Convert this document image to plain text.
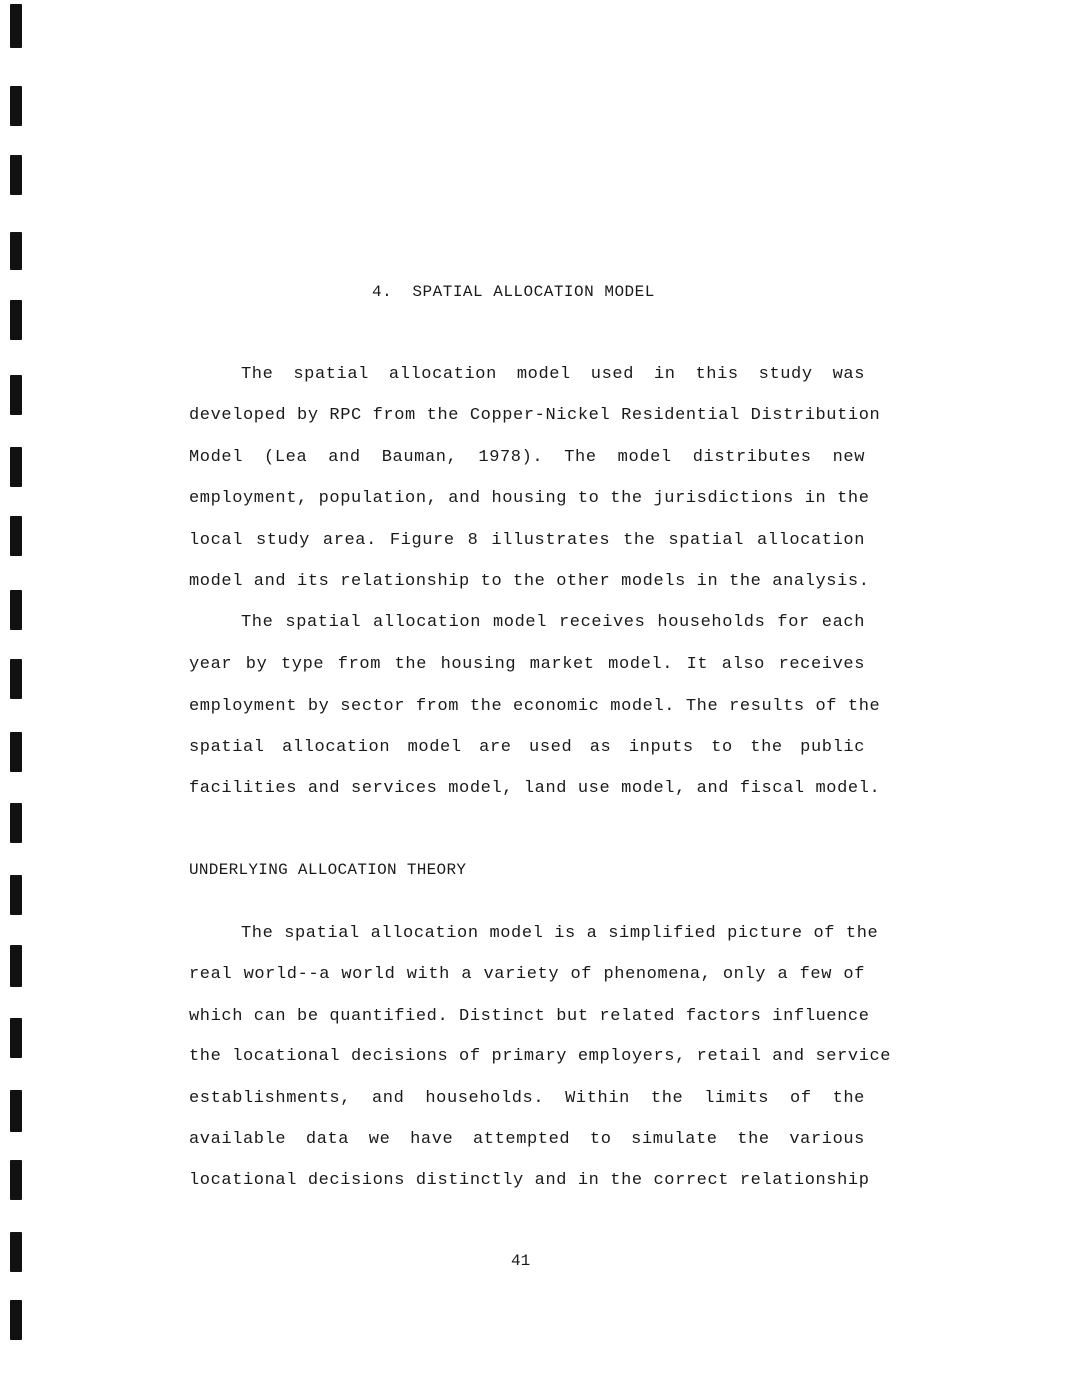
4.  SPATIAL ALLOCATION MODEL
The spatial allocation model used in this study was
developed by RPC from the Copper-Nickel Residential Distribution
Model (Lea and Bauman, 1978). The model distributes new
employment, population, and housing to the jurisdictions in the
local study area. Figure 8 illustrates the spatial allocation
model and its relationship to the other models in the analysis.
The spatial allocation model receives households for each
year by type from the housing market model. It also receives
employment by sector from the economic model. The results of the
spatial allocation model are used as inputs to the public
facilities and services model, land use model, and fiscal model.
UNDERLYING ALLOCATION THEORY
The spatial allocation model is a simplified picture of the
real world--a world with a variety of phenomena, only a few of
which can be quantified. Distinct but related factors influence
the locational decisions of primary employers, retail and service
establishments, and households. Within the limits of the
available data we have attempted to simulate the various
locational decisions distinctly and in the correct relationship
41
